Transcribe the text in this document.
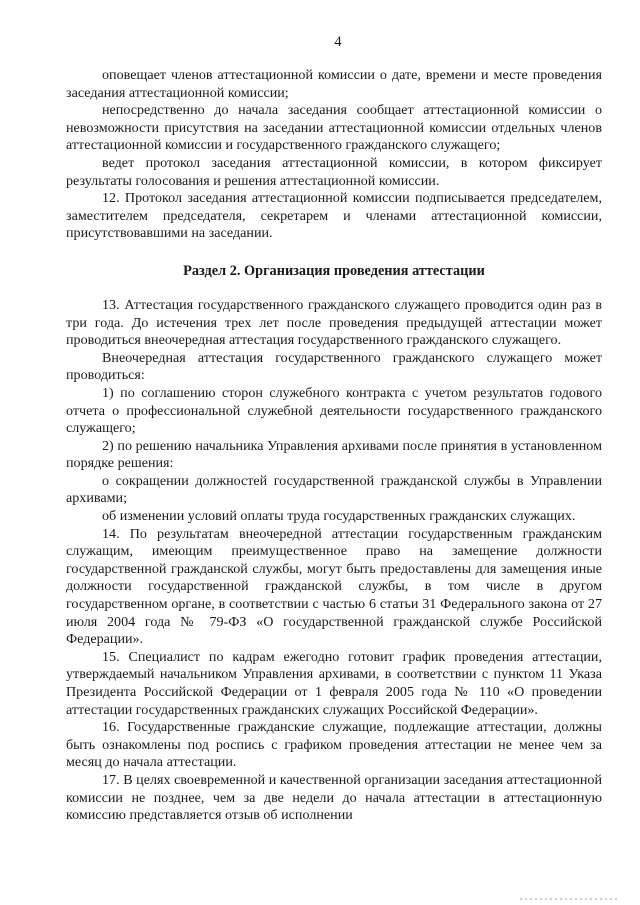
4

оповещает членов аттестационной комиссии о дате, времени и месте проведения заседания аттестационной комиссии;

непосредственно до начала заседания сообщает аттестационной комиссии о невозможности присутствия на заседании аттестационной комиссии отдельных членов аттестационной комиссии и государственного гражданского служащего;

ведет протокол заседания аттестационной комиссии, в котором фиксирует результаты голосования и решения аттестационной комиссии.

12. Протокол заседания аттестационной комиссии подписывается председателем, заместителем председателя, секретарем и членами аттестационной комиссии, присутствовавшими на заседании.

Раздел 2. Организация проведения аттестации

13. Аттестация государственного гражданского служащего проводится один раз в три года. До истечения трех лет после проведения предыдущей аттестации может проводиться внеочередная аттестация государственного гражданского служащего.

Внеочередная аттестация государственного гражданского служащего может проводиться:

1) по соглашению сторон служебного контракта с учетом результатов годового отчета о профессиональной служебной деятельности государственного гражданского служащего;

2) по решению начальника Управления архивами после принятия в установленном порядке решения:

о сокращении должностей государственной гражданской службы в Управлении архивами;

об изменении условий оплаты труда государственных гражданских служащих.

14. По результатам внеочередной аттестации государственным гражданским служащим, имеющим преимущественное право на замещение должности государственной гражданской службы, могут быть предоставлены для замещения иные должности государственной гражданской службы, в том числе в другом государственном органе, в соответствии с частью 6 статьи 31 Федерального закона от 27 июля 2004 года № 79-ФЗ «О государственной гражданской службе Российской Федерации».

15. Специалист по кадрам ежегодно готовит график проведения аттестации, утверждаемый начальником Управления архивами, в соответствии с пунктом 11 Указа Президента Российской Федерации от 1 февраля 2005 года № 110 «О проведении аттестации государственных гражданских служащих Российской Федерации».

16. Государственные гражданские служащие, подлежащие аттестации, должны быть ознакомлены под роспись с графиком проведения аттестации не менее чем за месяц до начала аттестации.

17. В целях своевременной и качественной организации заседания аттестационной комиссии не позднее, чем за две недели до начала аттестации в аттестационную комиссию представляется отзыв об исполнении
